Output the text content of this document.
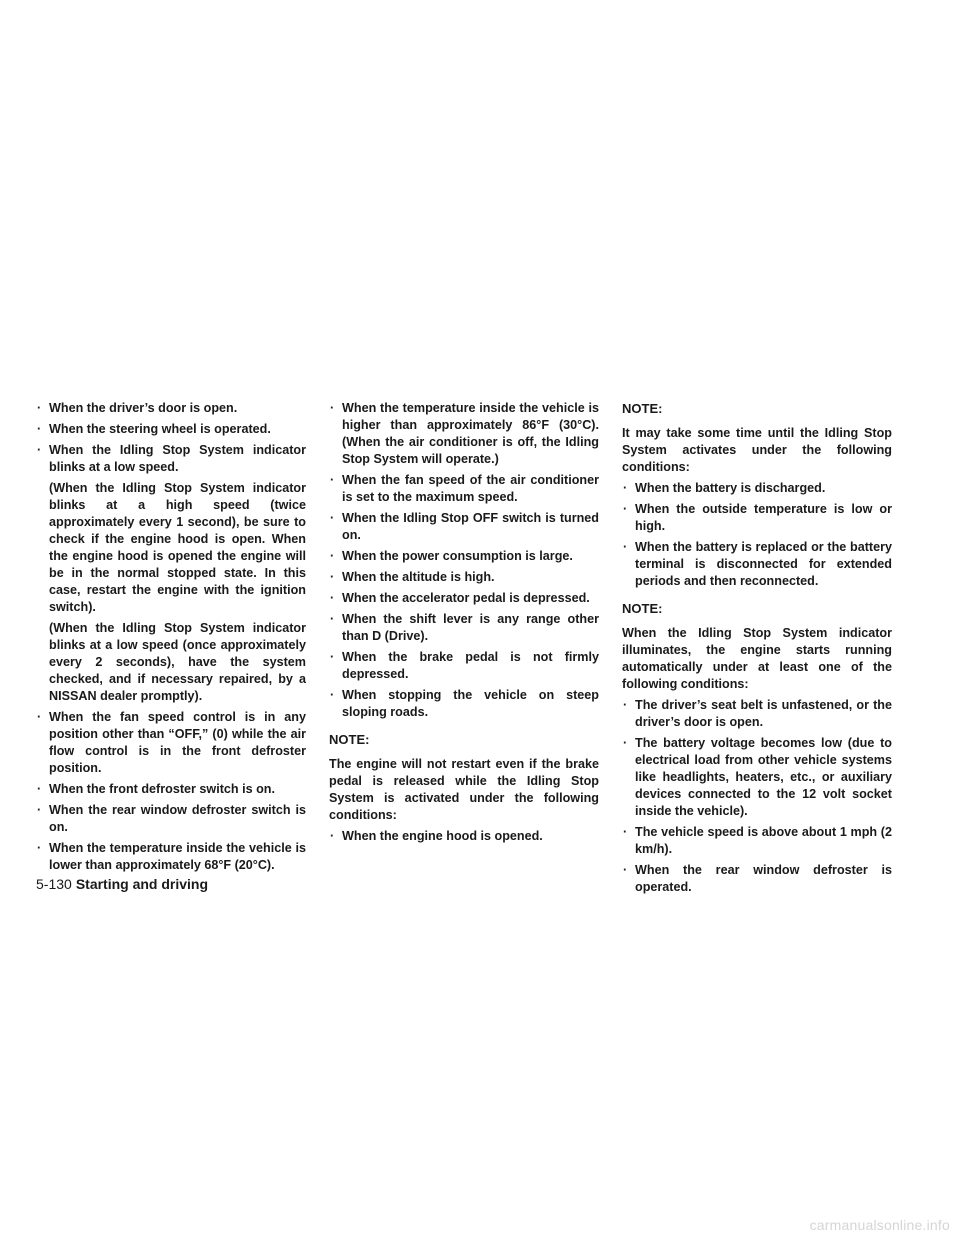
· When the driver’s door is open.
· When the steering wheel is operated.
· When the Idling Stop System indicator blinks at a low speed.
(When the Idling Stop System indicator blinks at a high speed (twice approximately every 1 second), be sure to check if the engine hood is open. When the engine hood is opened the engine will be in the normal stopped state. In this case, restart the engine with the ignition switch).
(When the Idling Stop System indicator blinks at a low speed (once approximately every 2 seconds), have the system checked, and if necessary repaired, by a NISSAN dealer promptly).
· When the fan speed control is in any position other than “OFF,” (0) while the air flow control is in the front defroster position.
· When the front defroster switch is on.
· When the rear window defroster switch is on.
· When the temperature inside the vehicle is lower than approximately 68°F (20°C).
· When the temperature inside the vehicle is higher than approximately 86°F (30°C). (When the air conditioner is off, the Idling Stop System will operate.)
· When the fan speed of the air conditioner is set to the maximum speed.
· When the Idling Stop OFF switch is turned on.
· When the power consumption is large.
· When the altitude is high.
· When the accelerator pedal is depressed.
· When the shift lever is any range other than D (Drive).
· When the brake pedal is not firmly depressed.
· When stopping the vehicle on steep sloping roads.
NOTE:
The engine will not restart even if the brake pedal is released while the Idling Stop System is activated under the following conditions:
· When the engine hood is opened.
NOTE:
It may take some time until the Idling Stop System activates under the following conditions:
· When the battery is discharged.
· When the outside temperature is low or high.
· When the battery is replaced or the battery terminal is disconnected for extended periods and then reconnected.
NOTE:
When the Idling Stop System indicator illuminates, the engine starts running automatically under at least one of the following conditions:
· The driver’s seat belt is unfastened, or the driver’s door is open.
· The battery voltage becomes low (due to electrical load from other vehicle systems like headlights, heaters, etc., or auxiliary devices connected to the 12 volt socket inside the vehicle).
· The vehicle speed is above about 1 mph (2 km/h).
· When the rear window defroster is operated.
5-130 Starting and driving
carmanualsonline.info
